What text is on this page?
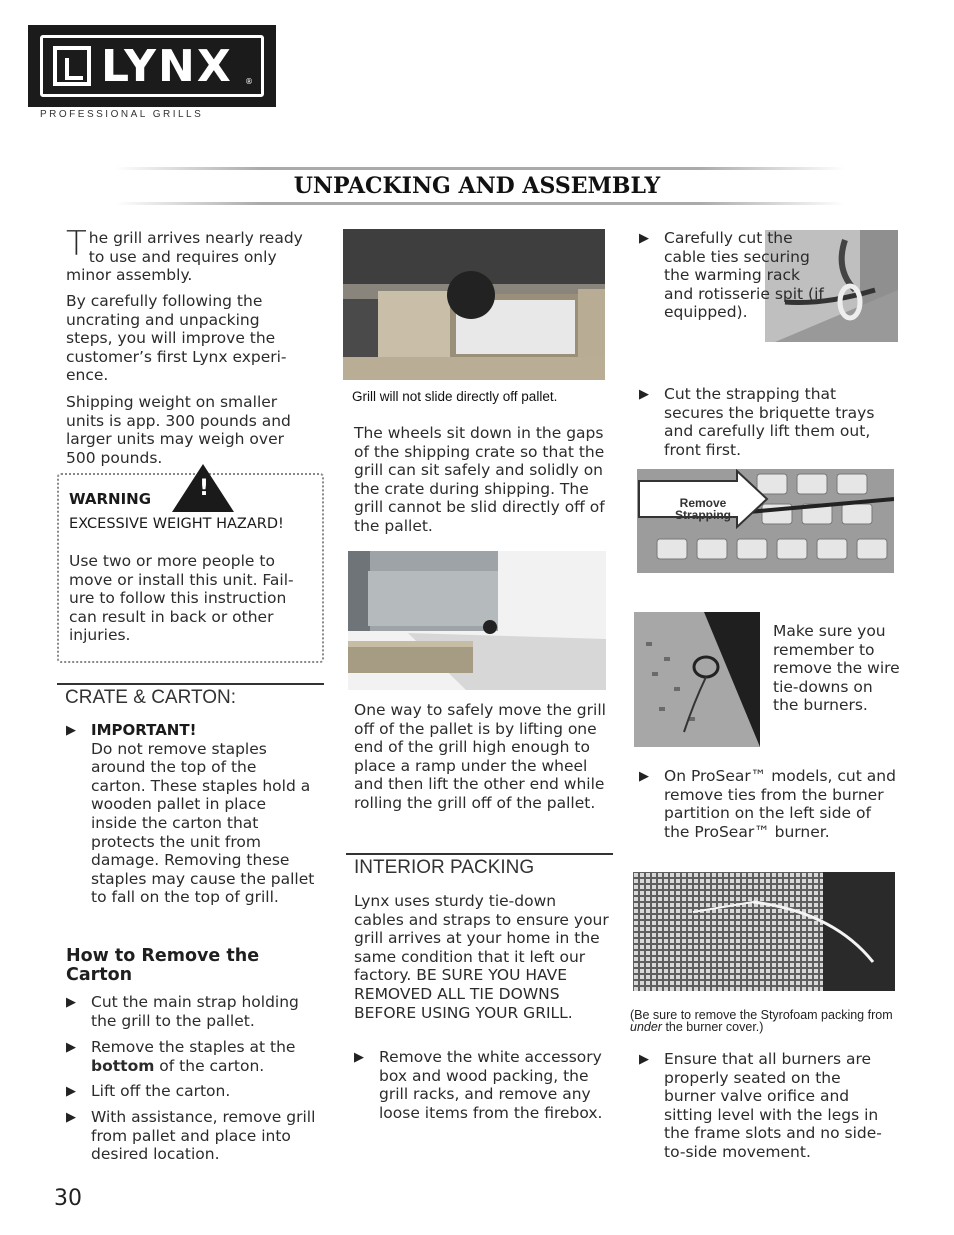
LYNX ®
PROFESSIONAL GRILLS
UNPACKING AND ASSEMBLY
The grill arrives nearly ready to use and requires only minor assembly.
By carefully following the uncrating and unpacking steps, you will improve the customer’s first Lynx experi-ence.
Shipping weight on smaller units is app. 300 pounds and larger units may weigh over 500 pounds.
!
WARNING
EXCESSIVE WEIGHT HAZARD!
Use two or more people to move or install this unit. Fail-ure to follow this instruction can result in back or other injuries.
CRATE & CARTON:
▶ IMPORTANT!
Do not remove staples around the top of the carton. These staples hold a wooden pallet in place inside the carton that protects the unit from damage. Removing these staples may cause the pallet to fall on the top of grill.
How to Remove the Carton
▶ Cut the main strap holding the grill to the pallet.
▶ Remove the staples at the bottom of the carton.
▶ Lift off the carton.
▶ With assistance, remove grill from pallet and place into desired location.
Grill will not slide directly off pallet.
The wheels sit down in the gaps of the shipping crate so that the grill can sit safely and solidly on the crate during shipping. The grill cannot be slid directly off of the pallet.
One way to safely move the grill off of the pallet is by lifting one end of the grill high enough to place a ramp under the wheel and then lift the other end while rolling the grill off of the pallet.
INTERIOR PACKING
Lynx uses sturdy tie-down cables and straps to ensure your grill arrives at your home in the same condition that it left our factory. BE SURE YOU HAVE REMOVED ALL TIE DOWNS BEFORE USING YOUR GRILL.
▶ Remove the white accessory box and wood packing, the grill racks, and remove any loose items from the firebox.
▶ Carefully cut the cable ties securing the warming rack and rotisserie spit (if equipped).
▶ Cut the strapping that secures the briquette trays and carefully lift them out, front first.
Remove
Strapping
Make sure you remember to remove the wire tie-downs on the burners.
▶ On ProSear™ models, cut and remove ties from the burner partition on the left side of the ProSear™ burner.
(Be sure to remove the Styrofoam packing from under the burner cover.)
▶ Ensure that all burners are properly seated on the burner valve orifice and sitting level with the legs in the frame slots and no side-to-side movement.
30
